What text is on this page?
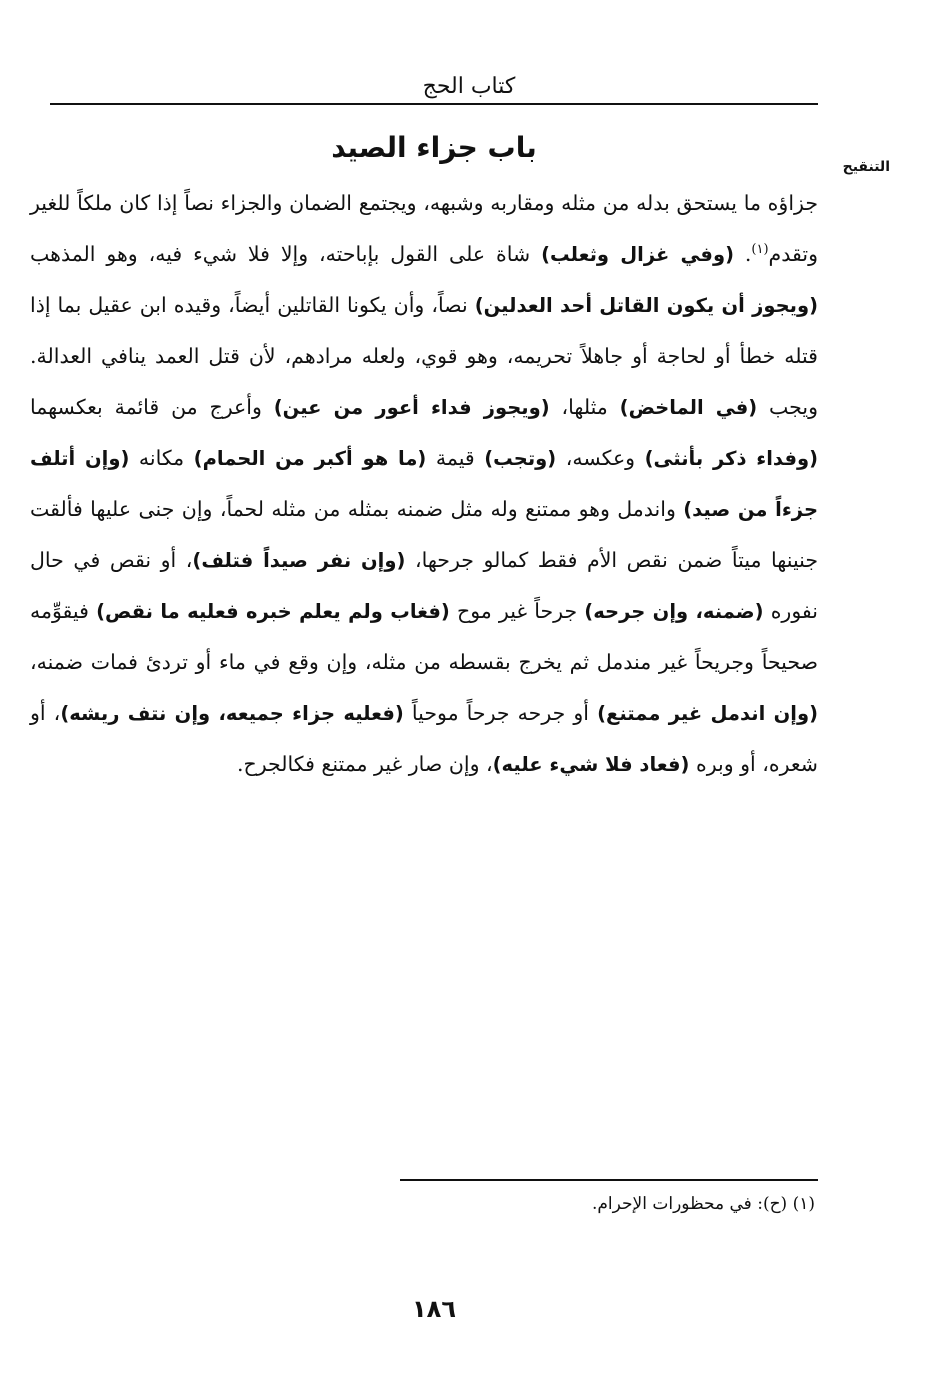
كتاب الحج
باب جزاء الصيد
التنقيح

جزاؤه ما يستحق بدله من مثله ومقاربه وشبهه، ويجتمع الضمان والجزاء نصاً إذا كان ملكاً للغير وتقدم$^{(١)}$. (وفي غزال وثعلب) شاة على القول بإباحته، وإلا فلا شيء فيه، وهو المذهب (ويجوز أن يكون القاتل أحد العدلين) نصاً، وأن يكونا القاتلين أيضاً، وقيده ابن عقيل بما إذا قتله خطأ أو لحاجة أو جاهلاً تحريمه، وهو قوي، ولعله مرادهم، لأن قتل العمد ينافي العدالة. ويجب (في الماخض) مثلها، (ويجوز فداء أعور من عين) وأعرج من قائمة بعكسهما (وفداء ذكر بأنثى) وعكسه، (وتجب) قيمة (ما هو أكبر من الحمام) مكانه (وإن أتلف جزءاً من صيد) واندمل وهو ممتنع وله مثل ضمنه بمثله من مثله لحماً، وإن جنى عليها فألقت جنينها ميتاً ضمن نقص الأم فقط كمالو جرحها، (وإن نفر صيداً فتلف)، أو نقص في حال نفوره (ضمنه، وإن جرحه) جرحاً غير موح (فغاب ولم يعلم خبره فعليه ما نقص) فيقوِّمه صحيحاً وجريحاً غير مندمل ثم يخرج بقسطه من مثله، وإن وقع في ماء أو تردئ فمات ضمنه، (وإن اندمل غير ممتنع) أو جرحه جرحاً موحياً (فعليه جزاء جميعه، وإن نتف ريشه)، أو شعره، أو وبره (فعاد فلا شيء عليه)، وإن صار غير ممتنع فكالجرح.

(١) (ح): في محظورات الإحرام.
١٨٦
